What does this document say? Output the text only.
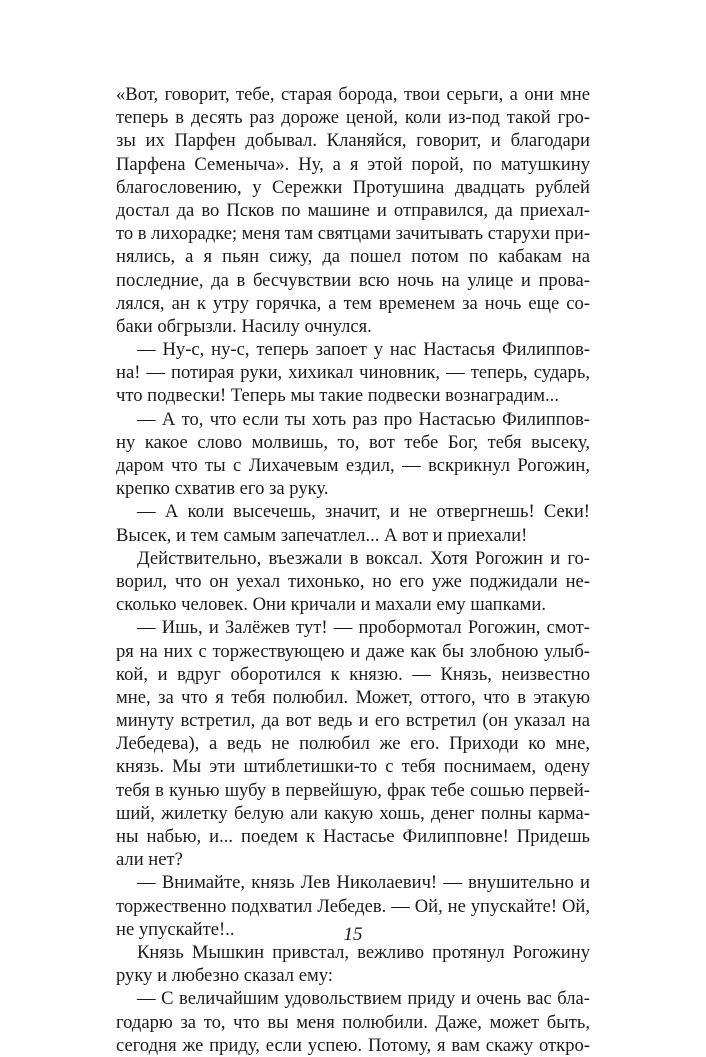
«Вот, говорит, тебе, старая борода, твои серьги, а они мне
теперь в десять раз дороже ценой, коли из-под такой гро-
зы их Парфен добывал. Кланяйся, говорит, и благодари
Парфена Семеныча». Ну, а я этой порой, по матушкину
благословению, у Сережки Протушина двадцать рублей
достал да во Псков по машине и отправился, да приехал-
то в лихорадке; меня там святцами зачитывать старухи при-
нялись, а я пьян сижу, да пошел потом по кабакам на
последние, да в бесчувствии всю ночь на улице и прова-
лялся, ан к утру горячка, а тем временем за ночь еще со-
баки обгрызли. Насилу очнулся.
— Ну-с, ну-с, теперь запоет у нас Настасья Филиппов-
на! — потирая руки, хихикал чиновник, — теперь, сударь,
что подвески! Теперь мы такие подвески вознаградим...
— А то, что если ты хоть раз про Настасью Филиппов-
ну какое слово молвишь, то, вот тебе Бог, тебя высеку,
даром что ты с Лихачевым ездил, — вскрикнул Рогожин,
крепко схватив его за руку.
— А коли высечешь, значит, и не отвергнешь! Секи!
Высек, и тем самым запечатлел... А вот и приехали!
Действительно, въезжали в воксал. Хотя Рогожин и го-
ворил, что он уехал тихонько, но его уже поджидали не-
сколько человек. Они кричали и махали ему шапками.
— Ишь, и Залёжев тут! — пробормотал Рогожин, смот-
ря на них с торжествующею и даже как бы злобною улыб-
кой, и вдруг оборотился к князю. — Князь, неизвестно
мне, за что я тебя полюбил. Может, оттого, что в этакую
минуту встретил, да вот ведь и его встретил (он указал на
Лебедева), а ведь не полюбил же его. Приходи ко мне,
князь. Мы эти штиблетишки-то с тебя поснимаем, одену
тебя в кунью шубу в первейшую, фрак тебе сошью первей-
ший, жилетку белую али какую хошь, денег полны карма-
ны набью, и... поедем к Настасье Филипповне! Придешь
али нет?
— Внимайте, князь Лев Николаевич! — внушительно и
торжественно подхватил Лебедев. — Ой, не упускайте! Ой,
не упускайте!..
Князь Мышкин привстал, вежливо протянул Рогожину
руку и любезно сказал ему:
— С величайшим удовольствием приду и очень вас бла-
годарю за то, что вы меня полюбили. Даже, может быть,
сегодня же приду, если успею. Потому, я вам скажу откро-
15
